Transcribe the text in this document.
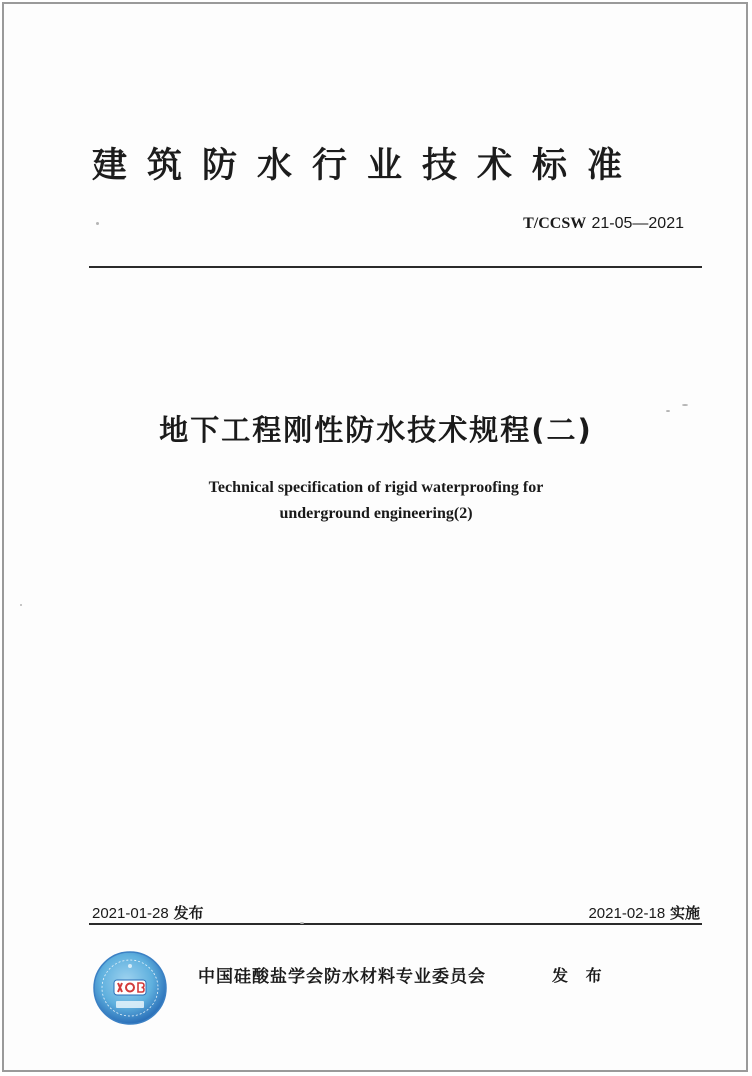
建筑防水行业技术标准
T/CCSW 21-05—2021
地下工程刚性防水技术规程(二)
Technical specification of rigid waterproofing for
underground engineering(2)
2021-01-28 发布	2021-02-18 实施
中国硅酸盐学会防水材料专业委员会	发 布
